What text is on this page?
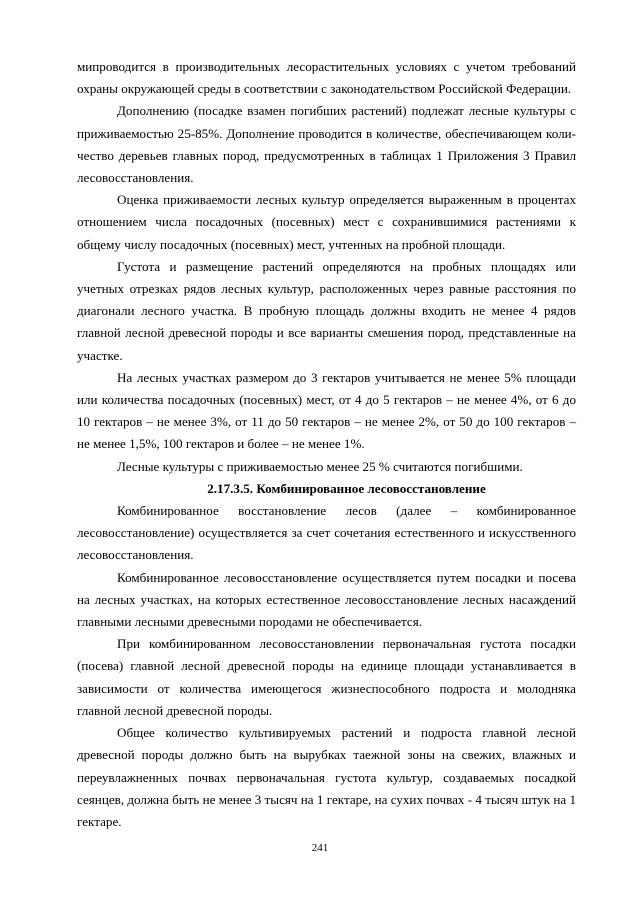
мипроводится в производительных лесорастительных условиях с учетом требований охраны окружающей среды в соответствии с законодательством Российской Федерации.

Дополнению (посадке взамен погибших растений) подлежат лесные культуры с приживаемостью 25-85%. Дополнение проводится в количестве, обеспечивающем количество деревьев главных пород, предусмотренных в таблицах 1 Приложения 3 Правил лесовосстановления.

Оценка приживаемости лесных культур определяется выраженным в процентах отношением числа посадочных (посевных) мест с сохранившимися растениями к общему числу посадочных (посевных) мест, учтенных на пробной площади.

Густота и размещение растений определяются на пробных площадях или учетных отрезках рядов лесных культур, расположенных через равные расстояния по диагонали лесного участка. В пробную площадь должны входить не менее 4 рядов главной лесной древесной породы и все варианты смешения пород, представленные на участке.

На лесных участках размером до 3 гектаров учитывается не менее 5% площади или количества посадочных (посевных) мест, от 4 до 5 гектаров – не менее 4%, от 6 до 10 гектаров – не менее 3%, от 11 до 50 гектаров – не менее 2%, от 50 до 100 гектаров – не менее 1,5%, 100 гектаров и более – не менее 1%.

Лесные культуры с приживаемостью менее 25 % считаются погибшими.

2.17.3.5. Комбинированное лесовосстановление

Комбинированное восстановление лесов (далее – комбинированное лесовосстановление) осуществляется за счет сочетания естественного и искусственного лесовосстановления.

Комбинированное лесовосстановление осуществляется путем посадки и посева на лесных участках, на которых естественное лесовосстановление лесных насаждений главными лесными древесными породами не обеспечивается.

При комбинированном лесовосстановлении первоначальная густота посадки (посева) главной лесной древесной породы на единице площади устанавливается в зависимости от количества имеющегося жизнеспособного подроста и молодняка главной лесной древесной породы.

Общее количество культивируемых растений и подроста главной лесной древесной породы должно быть на вырубках таежной зоны на свежих, влажных и переувлажненных почвах первоначальная густота культур, создаваемых посадкой сеянцев, должна быть не менее 3 тысяч на 1 гектаре, на сухих почвах - 4 тысяч штук на 1 гектаре.

241
